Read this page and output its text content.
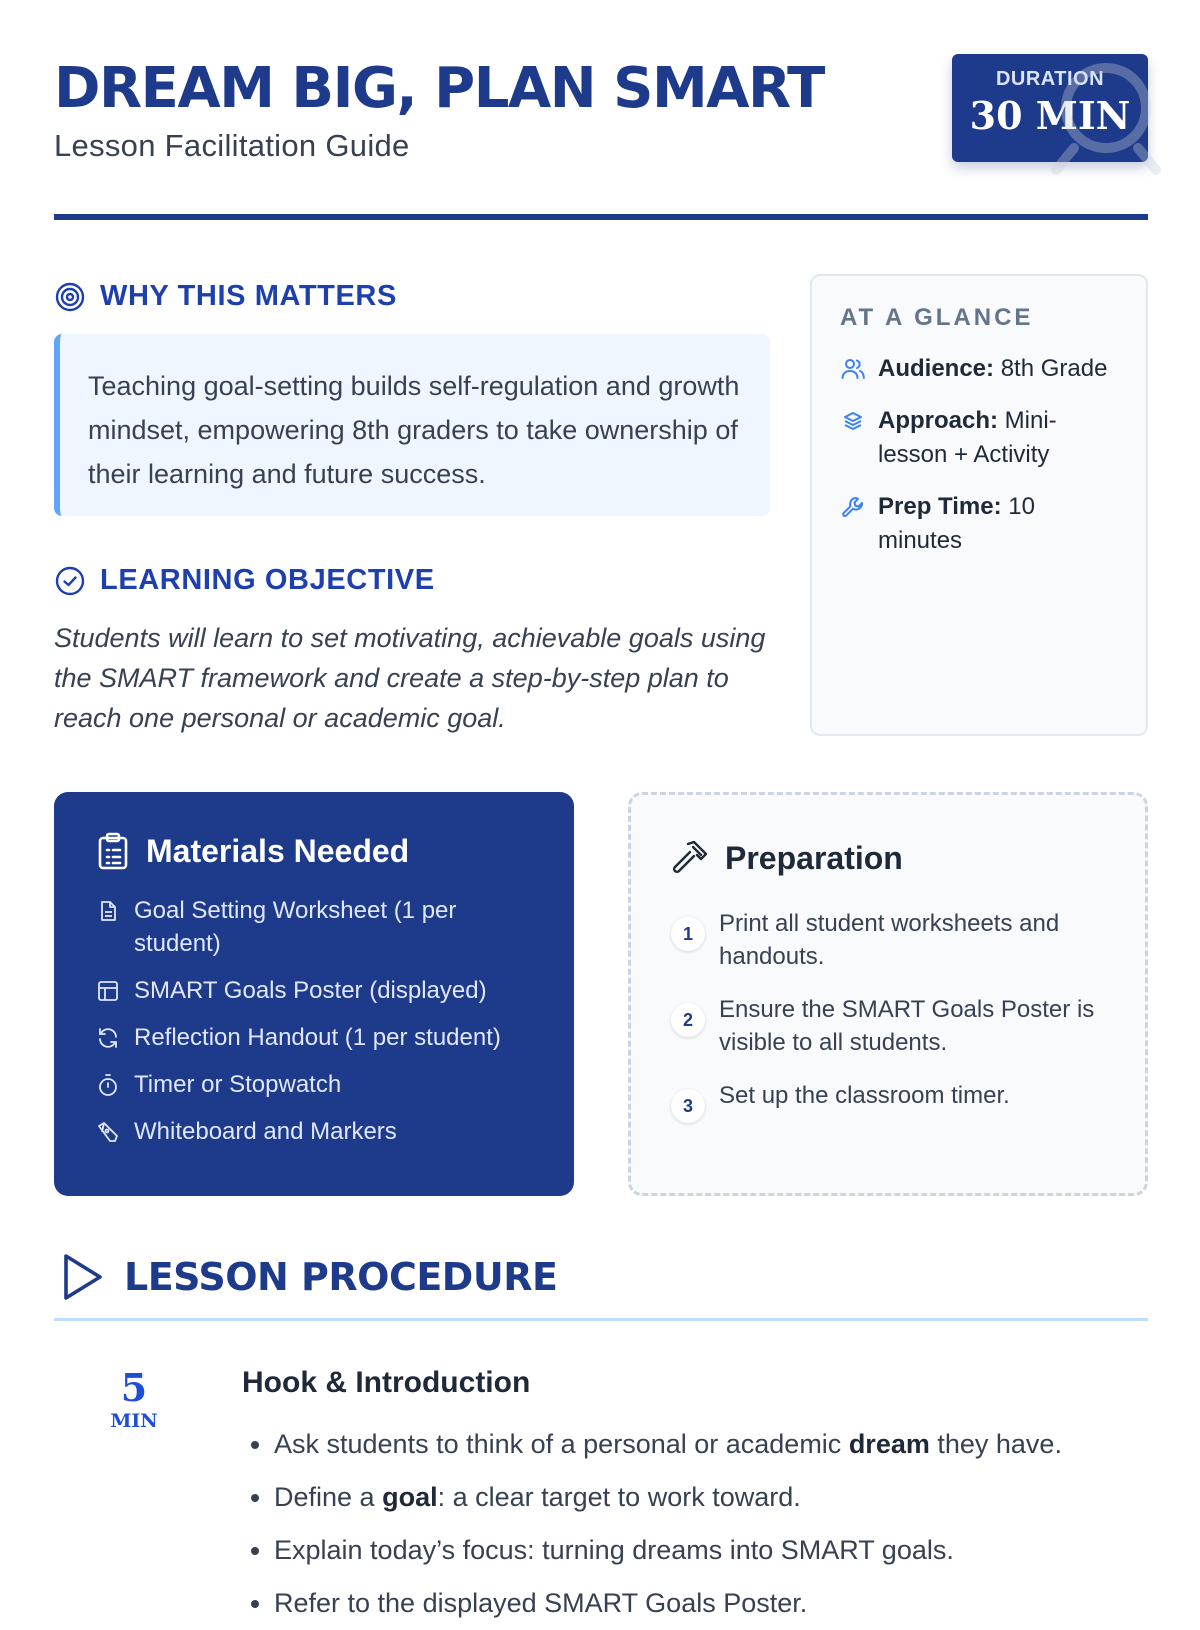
DREAM BIG, PLAN SMART
Lesson Facilitation Guide
DURATION
30 MIN
WHY THIS MATTERS
Teaching goal-setting builds self-regulation and growth mindset, empowering 8th graders to take ownership of their learning and future success.
LEARNING OBJECTIVE
Students will learn to set motivating, achievable goals using the SMART framework and create a step-by-step plan to reach one personal or academic goal.
AT A GLANCE
Audience: 8th Grade
Approach: Mini-lesson + Activity
Prep Time: 10 minutes
Materials Needed
Goal Setting Worksheet (1 per student)
SMART Goals Poster (displayed)
Reflection Handout (1 per student)
Timer or Stopwatch
Whiteboard and Markers
Preparation
1	Print all student worksheets and handouts.
2	Ensure the SMART Goals Poster is visible to all students.
3	Set up the classroom timer.
LESSON PROCEDURE
5
MIN
Hook & Introduction
• Ask students to think of a personal or academic dream they have.
• Define a goal: a clear target to work toward.
• Explain today’s focus: turning dreams into SMART goals.
• Refer to the displayed SMART Goals Poster.
